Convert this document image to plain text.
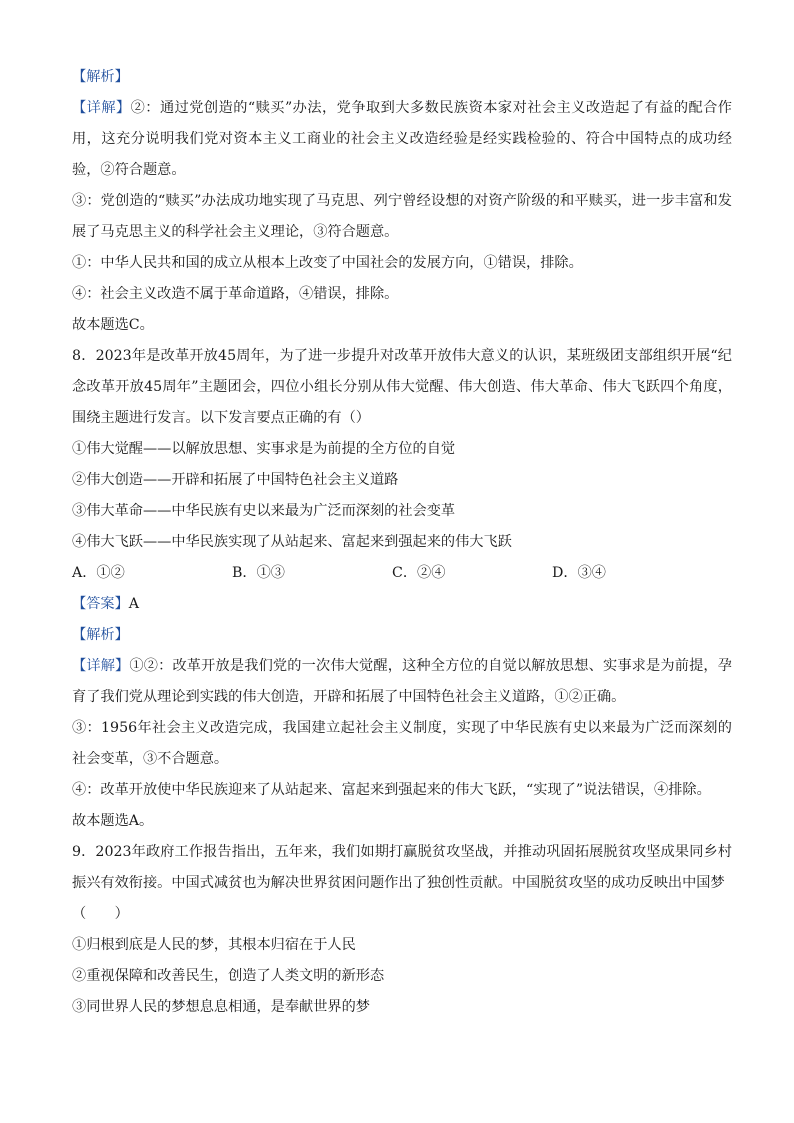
【解析】
【详解】②：通过党创造的“赎买”办法，党争取到大多数民族资本家对社会主义改造起了有益的配合作用，这充分说明我们党对资本主义工商业的社会主义改造经验是经实践检验的、符合中国特点的成功经验，②符合题意。
③：党创造的“赎买”办法成功地实现了马克思、列宁曾经设想的对资产阶级的和平赎买，进一步丰富和发展了马克思主义的科学社会主义理论，③符合题意。
①：中华人民共和国的成立从根本上改变了中国社会的发展方向，①错误，排除。
④：社会主义改造不属于革命道路，④错误，排除。
故本题选C。
8．2023年是改革开放45周年，为了进一步提升对改革开放伟大意义的认识，某班级团支部组织开展“纪念改革开放45周年”主题团会，四位小组长分别从伟大觉醒、伟大创造、伟大革命、伟大飞跃四个角度，围绕主题进行发言。以下发言要点正确的有（）
①伟大觉醒——以解放思想、实事求是为前提的全方位的自觉
②伟大创造——开辟和拓展了中国特色社会主义道路
③伟大革命——中华民族有史以来最为广泛而深刻的社会变革
④伟大飞跃——中华民族实现了从站起来、富起来到强起来的伟大飞跃
A．①②	B．①③	C．②④	D．③④
【答案】A
【解析】
【详解】①②：改革开放是我们党的一次伟大觉醒，这种全方位的自觉以解放思想、实事求是为前提，孕育了我们党从理论到实践的伟大创造，开辟和拓展了中国特色社会主义道路，①②正确。
③：1956年社会主义改造完成，我国建立起社会主义制度，实现了中华民族有史以来最为广泛而深刻的社会变革，③不合题意。
④：改革开放使中华民族迎来了从站起来、富起来到强起来的伟大飞跃，“实现了”说法错误，④排除。
故本题选A。
9．2023年政府工作报告指出，五年来，我们如期打赢脱贫攻坚战，并推动巩固拓展脱贫攻坚成果同乡村振兴有效衔接。中国式减贫也为解决世界贫困问题作出了独创性贡献。中国脱贫攻坚的成功反映出中国梦
（　　）
①归根到底是人民的梦，其根本归宿在于人民
②重视保障和改善民生，创造了人类文明的新形态
③同世界人民的梦想息息相通，是奉献世界的梦
